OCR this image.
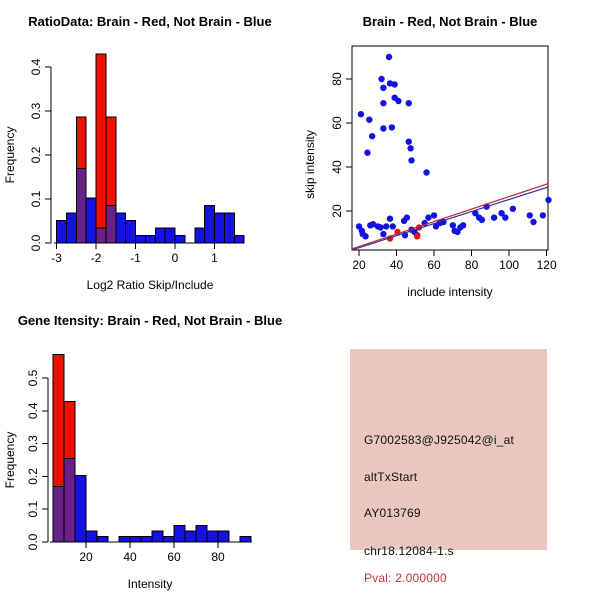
RatioData: Brain - Red, Not Brain - Blue
-3 -2 -1	0	1
Log2 Ratio Skip/Include
0.0
0.1
0.2
0.3
0.4
Frequency
Brain - Red, Not Brain - Blue
20 40 60 80 100 120
include intensity
20
40
60
80
skip intensity
Gene Itensity: Brain - Red, Not Brain - Blue
20	40	60	80
Intensity
0.0
0.1
0.2
0.3
0.4
0.5
Frequency	G7002583@J925042@i_at
altTxStart
AY013769
chr18.12084-1.s
Pval: 2.000000
